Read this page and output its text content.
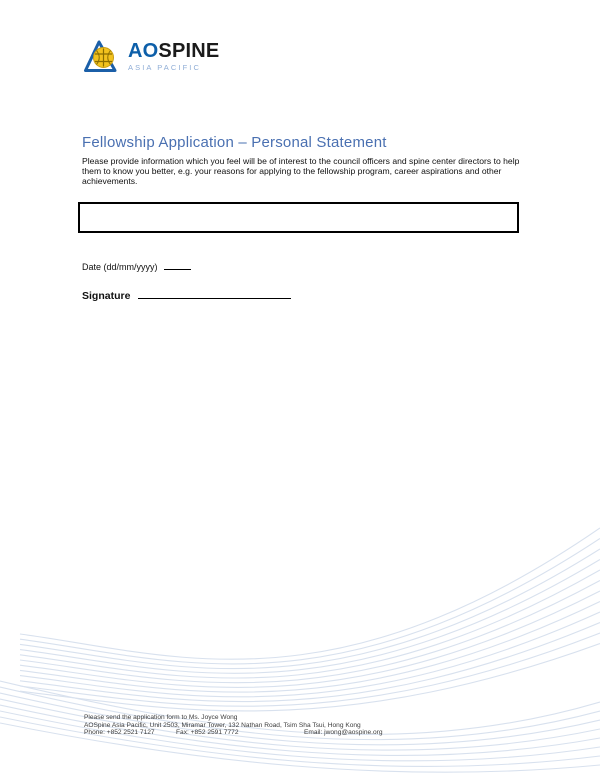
AOSPINE
ASIA PACIFIC
Fellowship Application – Personal Statement
Please provide information which you feel will be of interest to the council officers and spine center directors to help them to know you better, e.g. your reasons for applying to the fellowship program, career aspirations and other achievements.
Date (dd/mm/yyyy)
Signature
Please send the application form to Ms. Joyce Wong
AOSpine Asia Pacific, Unit 2503, Miramar Tower, 132 Nathan Road, Tsim Sha Tsui, Hong Kong
Phone: +852 2521 7127	Fax: +852 2591 7772	Email: jwong@aospine.org
